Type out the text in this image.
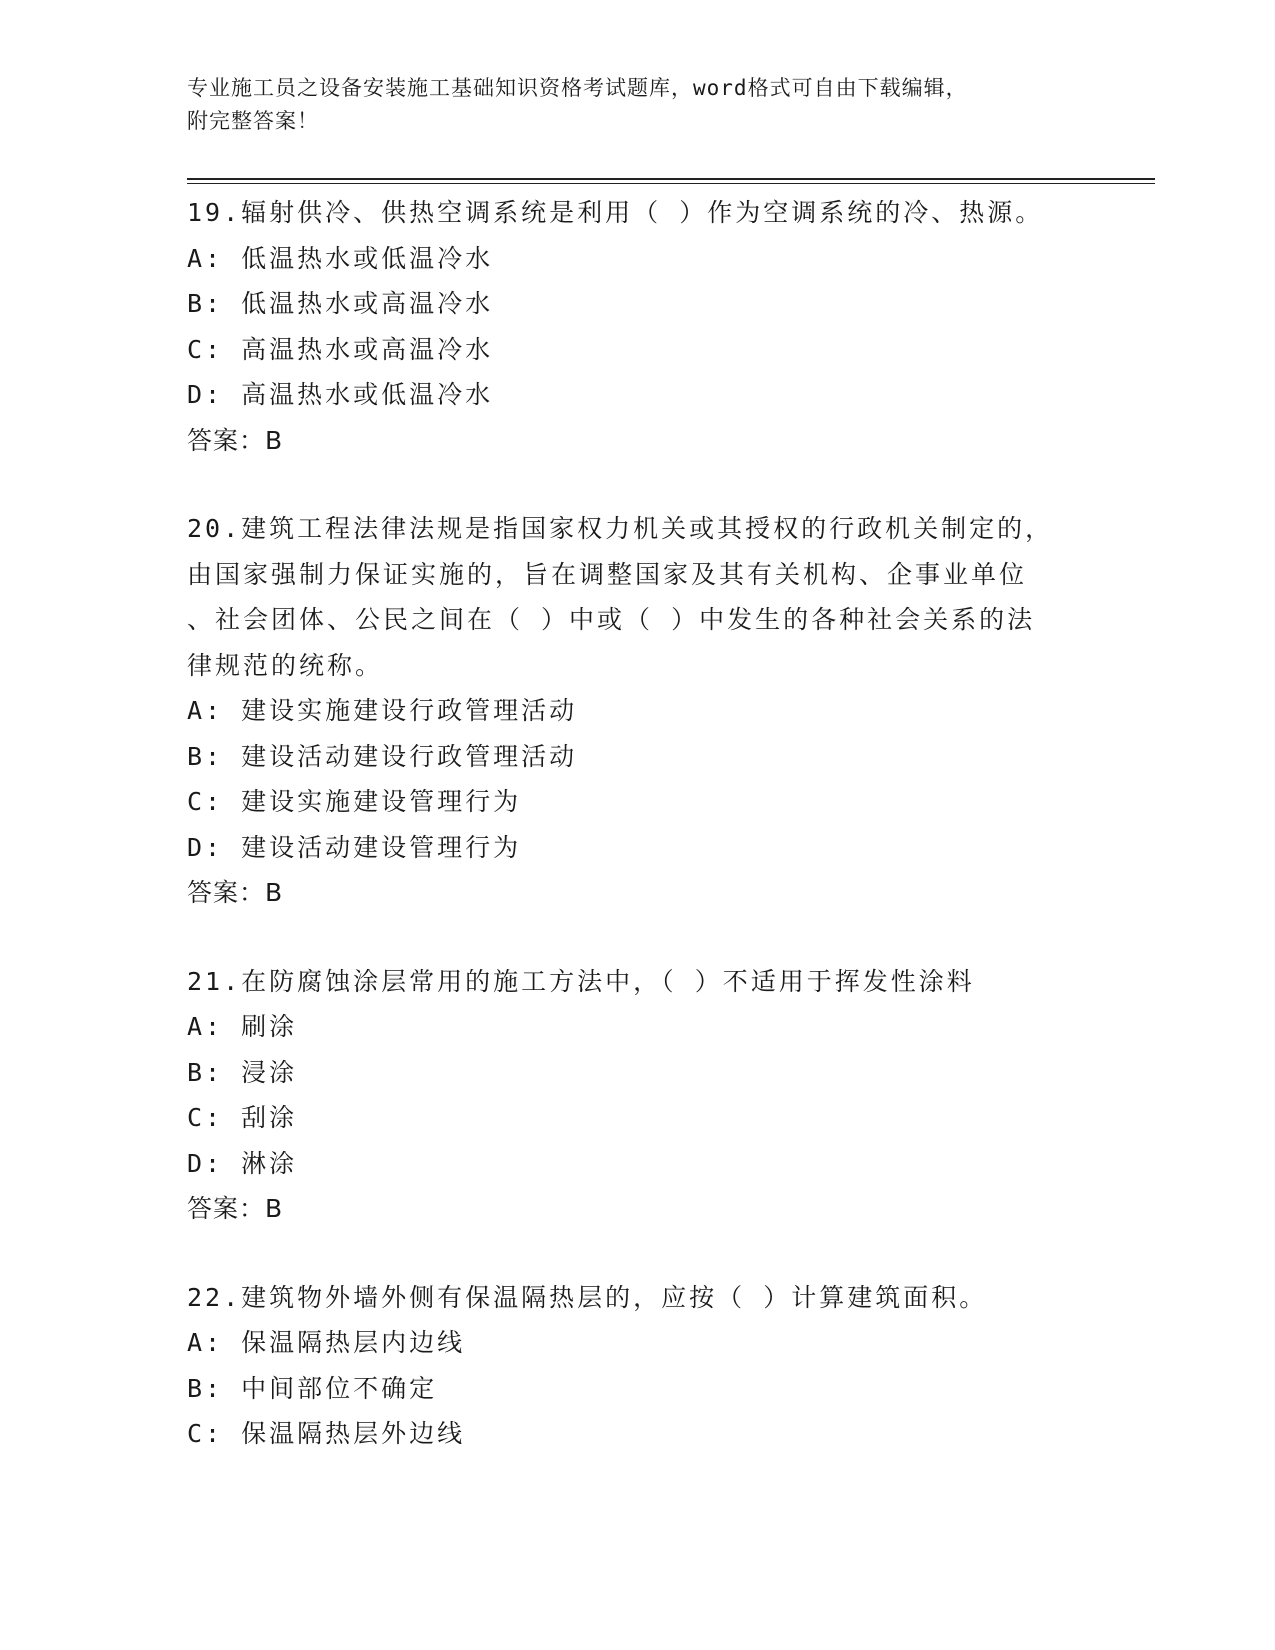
专业施工员之设备安装施工基础知识资格考试题库，word格式可自由下载编辑，
附完整答案！
19.辐射供冷、供热空调系统是利用（ ）作为空调系统的冷、热源。
A: 低温热水或低温冷水
B: 低温热水或高温冷水
C: 高温热水或高温冷水
D: 高温热水或低温冷水
答案：B
20.建筑工程法律法规是指国家权力机关或其授权的行政机关制定的，
由国家强制力保证实施的，旨在调整国家及其有关机构、企事业单位
、社会团体、公民之间在（ ）中或（ ）中发生的各种社会关系的法
律规范的统称。
A: 建设实施建设行政管理活动
B: 建设活动建设行政管理活动
C: 建设实施建设管理行为
D: 建设活动建设管理行为
答案：B
21.在防腐蚀涂层常用的施工方法中，（ ）不适用于挥发性涂料
A: 刷涂
B: 浸涂
C: 刮涂
D: 淋涂
答案：B
22.建筑物外墙外侧有保温隔热层的，应按（ ）计算建筑面积。
A: 保温隔热层内边线
B: 中间部位不确定
C: 保温隔热层外边线
